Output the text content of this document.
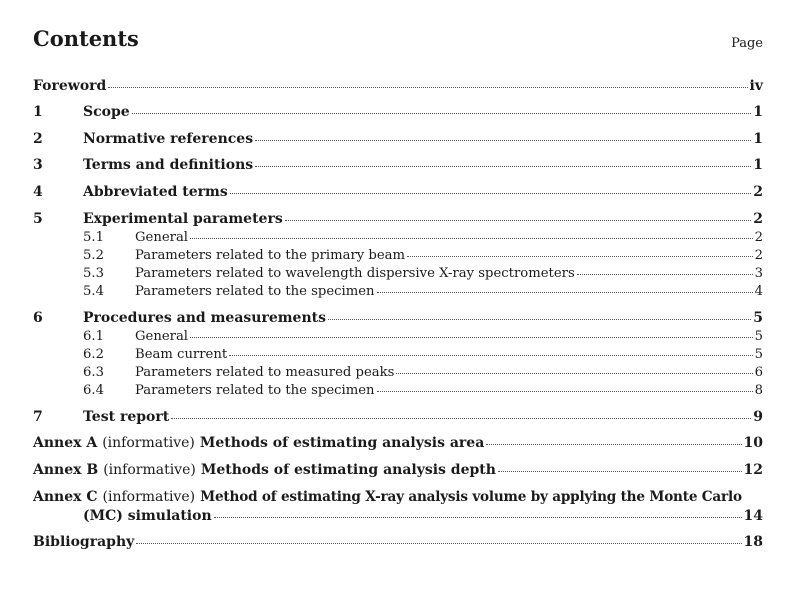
Contents	Page
Foreword	iv
1	Scope	1
2	Normative references	1
3	Terms and definitions	1
4	Abbreviated terms	2
5	Experimental parameters	2
5.1	General	2
5.2	Parameters related to the primary beam	2
5.3	Parameters related to wavelength dispersive X-ray spectrometers	3
5.4	Parameters related to the specimen	4
6	Procedures and measurements	5
6.1	General	5
6.2	Beam current	5
6.3	Parameters related to measured peaks	6
6.4	Parameters related to the specimen	8
7	Test report	9
Annex A (informative) Methods of estimating analysis area	10
Annex B (informative) Methods of estimating analysis depth	12
Annex C (informative) Method of estimating X-ray analysis volume by applying the Monte Carlo
(MC) simulation	14
Bibliography	18
